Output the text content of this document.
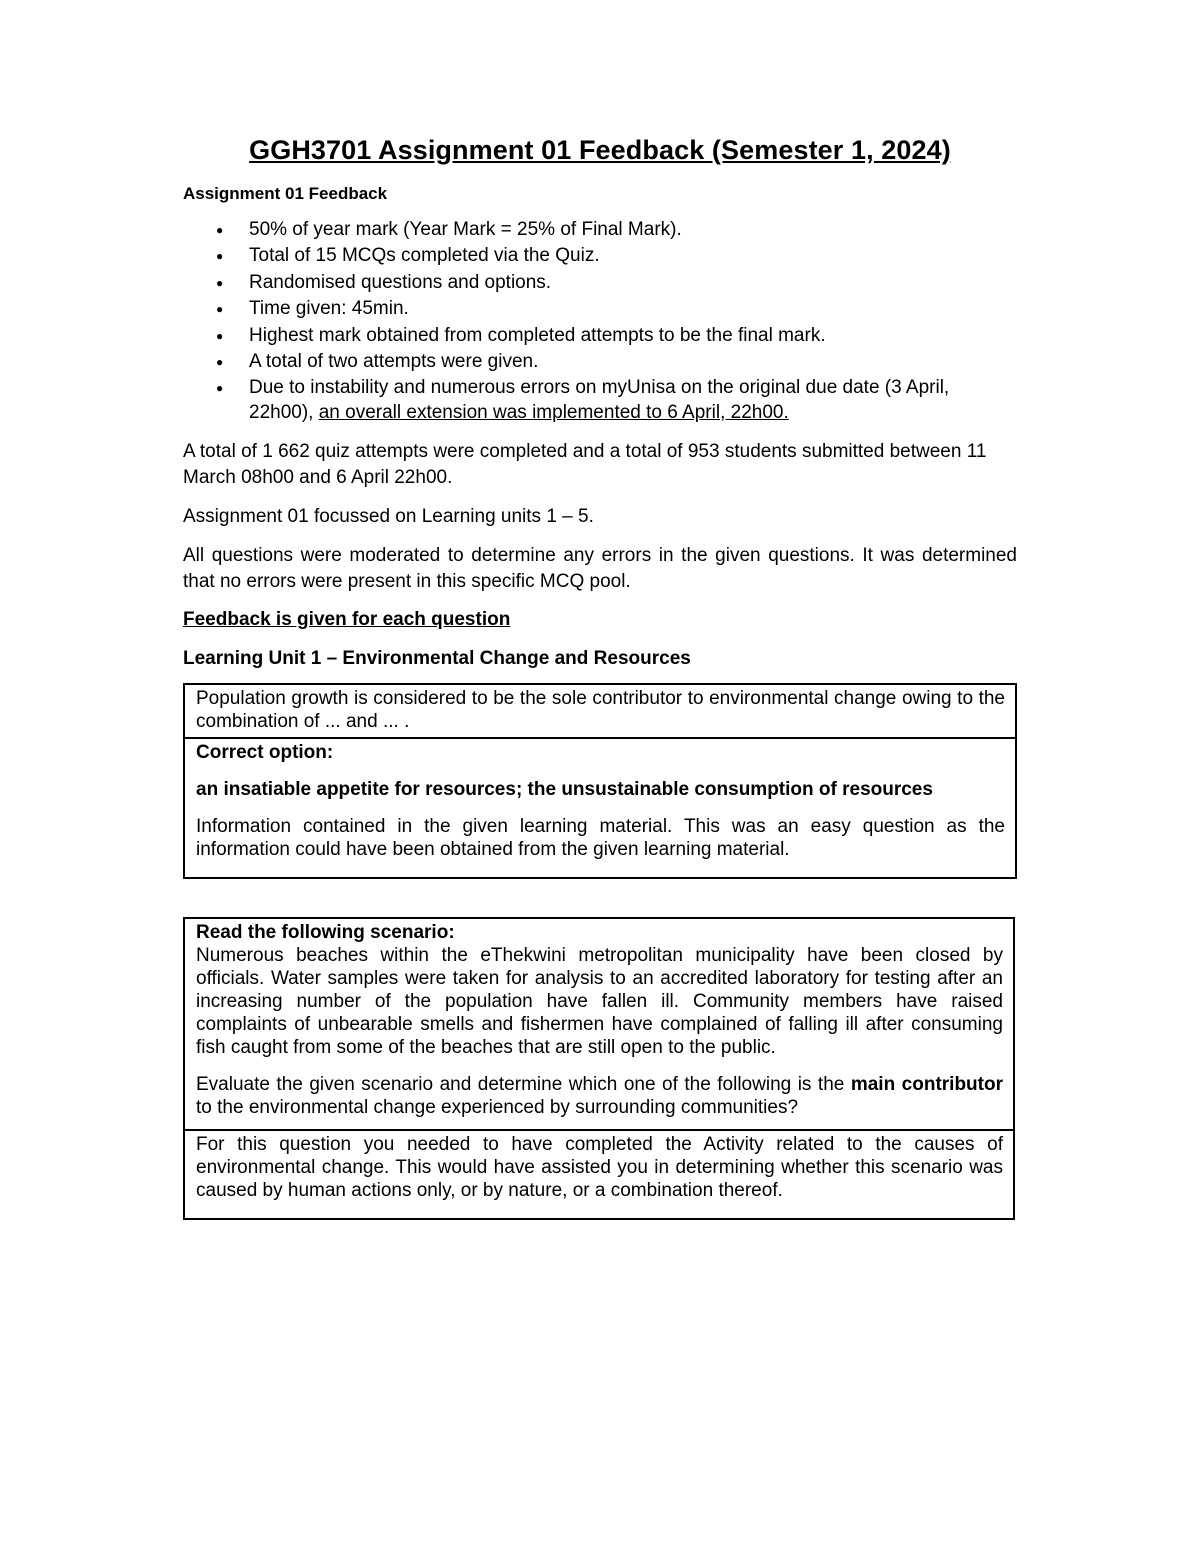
GGH3701 Assignment 01 Feedback (Semester 1, 2024)
Assignment 01 Feedback
● 50% of year mark (Year Mark = 25% of Final Mark).
● Total of 15 MCQs completed via the Quiz.
● Randomised questions and options.
● Time given: 45min.
● Highest mark obtained from completed attempts to be the final mark.
● A total of two attempts were given.
● Due to instability and numerous errors on myUnisa on the original due date (3 April, 22h00), an overall extension was implemented to 6 April, 22h00.

A total of 1 662 quiz attempts were completed and a total of 953 students submitted between 11 March 08h00 and 6 April 22h00.

Assignment 01 focussed on Learning units 1 – 5.

All questions were moderated to determine any errors in the given questions. It was determined that no errors were present in this specific MCQ pool.

Feedback is given for each question
Learning Unit 1 – Environmental Change and Resources
Population growth is considered to be the sole contributor to environmental change owing to the combination of ... and ... .
Correct option:
an insatiable appetite for resources; the unsustainable consumption of resources
Information contained in the given learning material. This was an easy question as the information could have been obtained from the given learning material.
Read the following scenario:
Numerous beaches within the eThekwini metropolitan municipality have been closed by officials. Water samples were taken for analysis to an accredited laboratory for testing after an increasing number of the population have fallen ill. Community members have raised complaints of unbearable smells and fishermen have complained of falling ill after consuming fish caught from some of the beaches that are still open to the public.
Evaluate the given scenario and determine which one of the following is the main contributor to the environmental change experienced by surrounding communities?
For this question you needed to have completed the Activity related to the causes of environmental change. This would have assisted you in determining whether this scenario was caused by human actions only, or by nature, or a combination thereof.
